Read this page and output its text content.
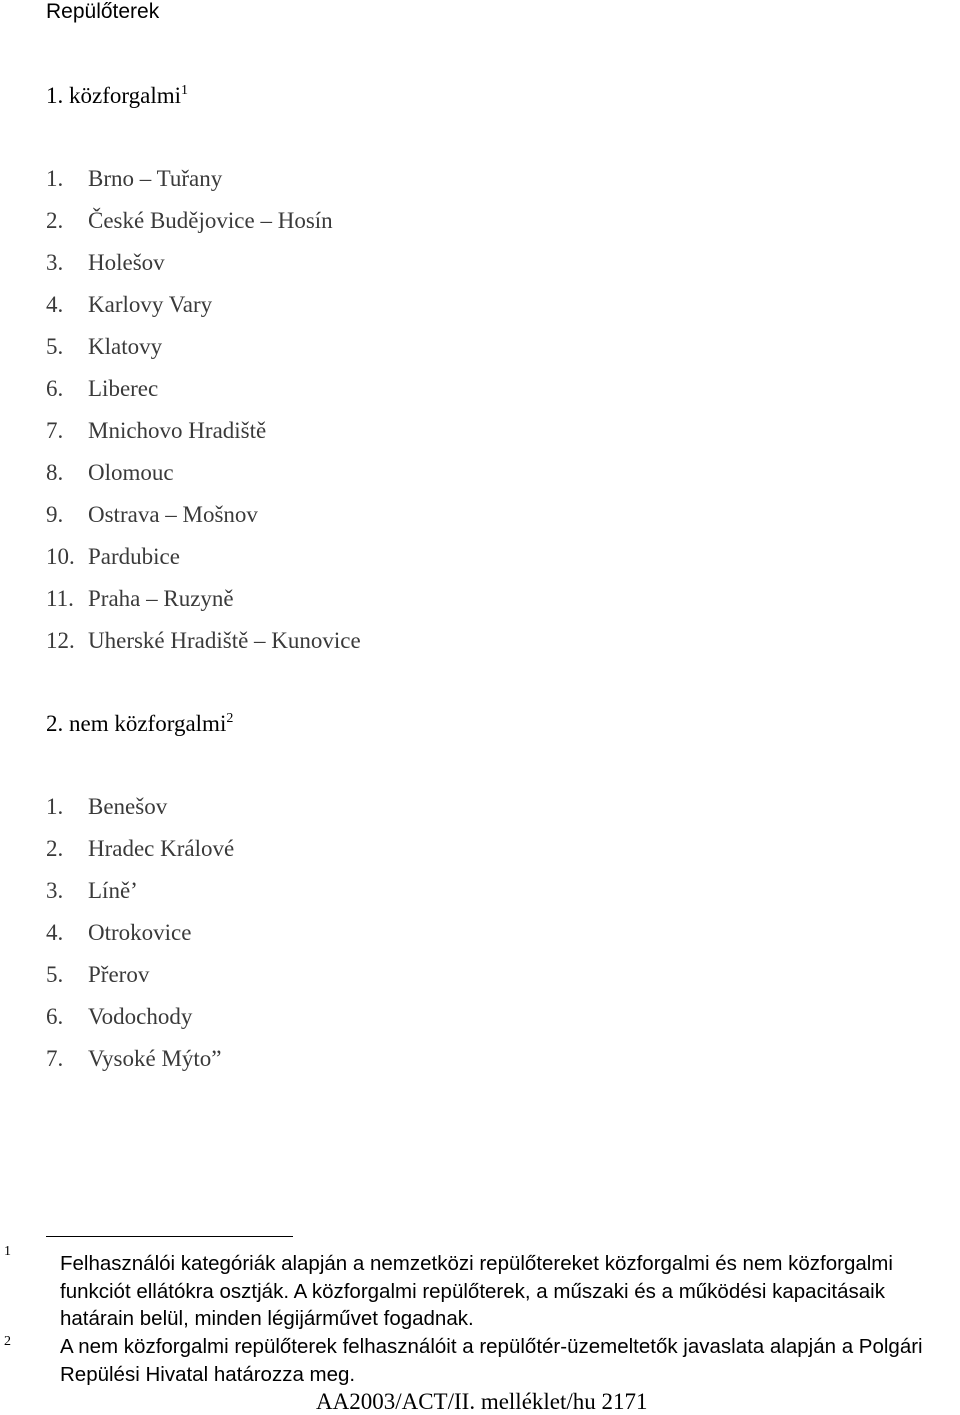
Repülőterek
1. közforgalmi$^1$
1. Brno – Tuřany
2. České Budějovice – Hosín
3. Holešov
4. Karlovy Vary
5. Klatovy
6. Liberec
7. Mnichovo Hradiště
8. Olomouc
9. Ostrava – Mošnov
10. Pardubice
11. Praha – Ruzyně
12. Uherské Hradiště – Kunovice
2. nem közforgalmi$^2$
1. Benešov
2. Hradec Králové
3. Líně’
4. Otrokovice
5. Přerov
6. Vodochody
7. Vysoké Mýto”
1
Felhasználói kategóriák alapján a nemzetközi repülőtereket közforgalmi és nem közforgalmi funkciót ellátókra osztják. A közforgalmi repülőterek, a műszaki és a működési kapacitásaik határain belül, minden légijárművet fogadnak.
2 A nem közforgalmi repülőterek felhasználóit a repülőtér-üzemeltetők javaslata alapján a Polgári Repülési Hivatal határozza meg.
AA2003/ACT/II. melléklet/hu 2171
